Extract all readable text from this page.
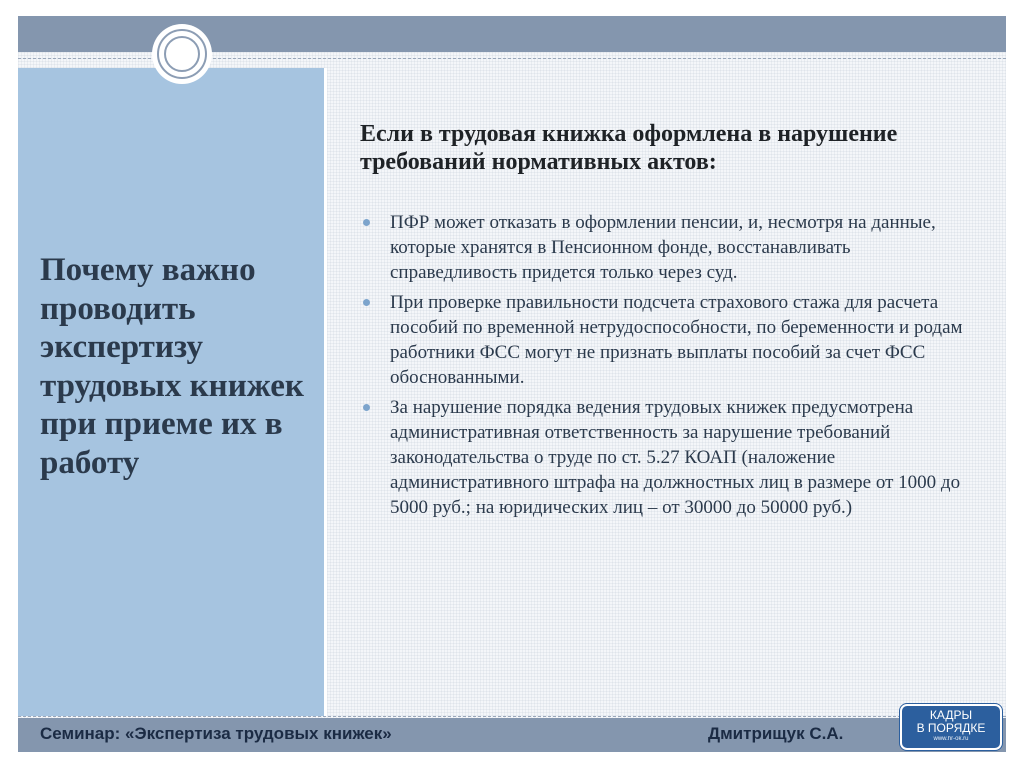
Почему важно проводить экспертизу трудовых книжек при приеме их в работу
Если в трудовая книжка оформлена в нарушение требований нормативных актов:
ПФР может отказать в оформлении пенсии, и, несмотря на данные, которые хранятся в Пенсионном фонде, восстанавливать справедливость придется только через суд.
При проверке правильности подсчета страхового стажа для расчета пособий по временной нетрудоспособности, по беременности и родам работники ФСС могут не признать выплаты пособий за счет ФСС обоснованными.
За нарушение порядка ведения трудовых книжек предусмотрена административная ответственность за нарушение требований законодательства о труде по ст. 5.27 КОАП (наложение административного штрафа на должностных лиц в размере от 1000 до 5000 руб.; на юридических лиц – от 30000 до 50000 руб.)
Семинар: «Экспертиза трудовых книжек»	Дмитрищук С.А.
КАДРЫ
В ПОРЯДКЕ
www.hr-ok.ru
